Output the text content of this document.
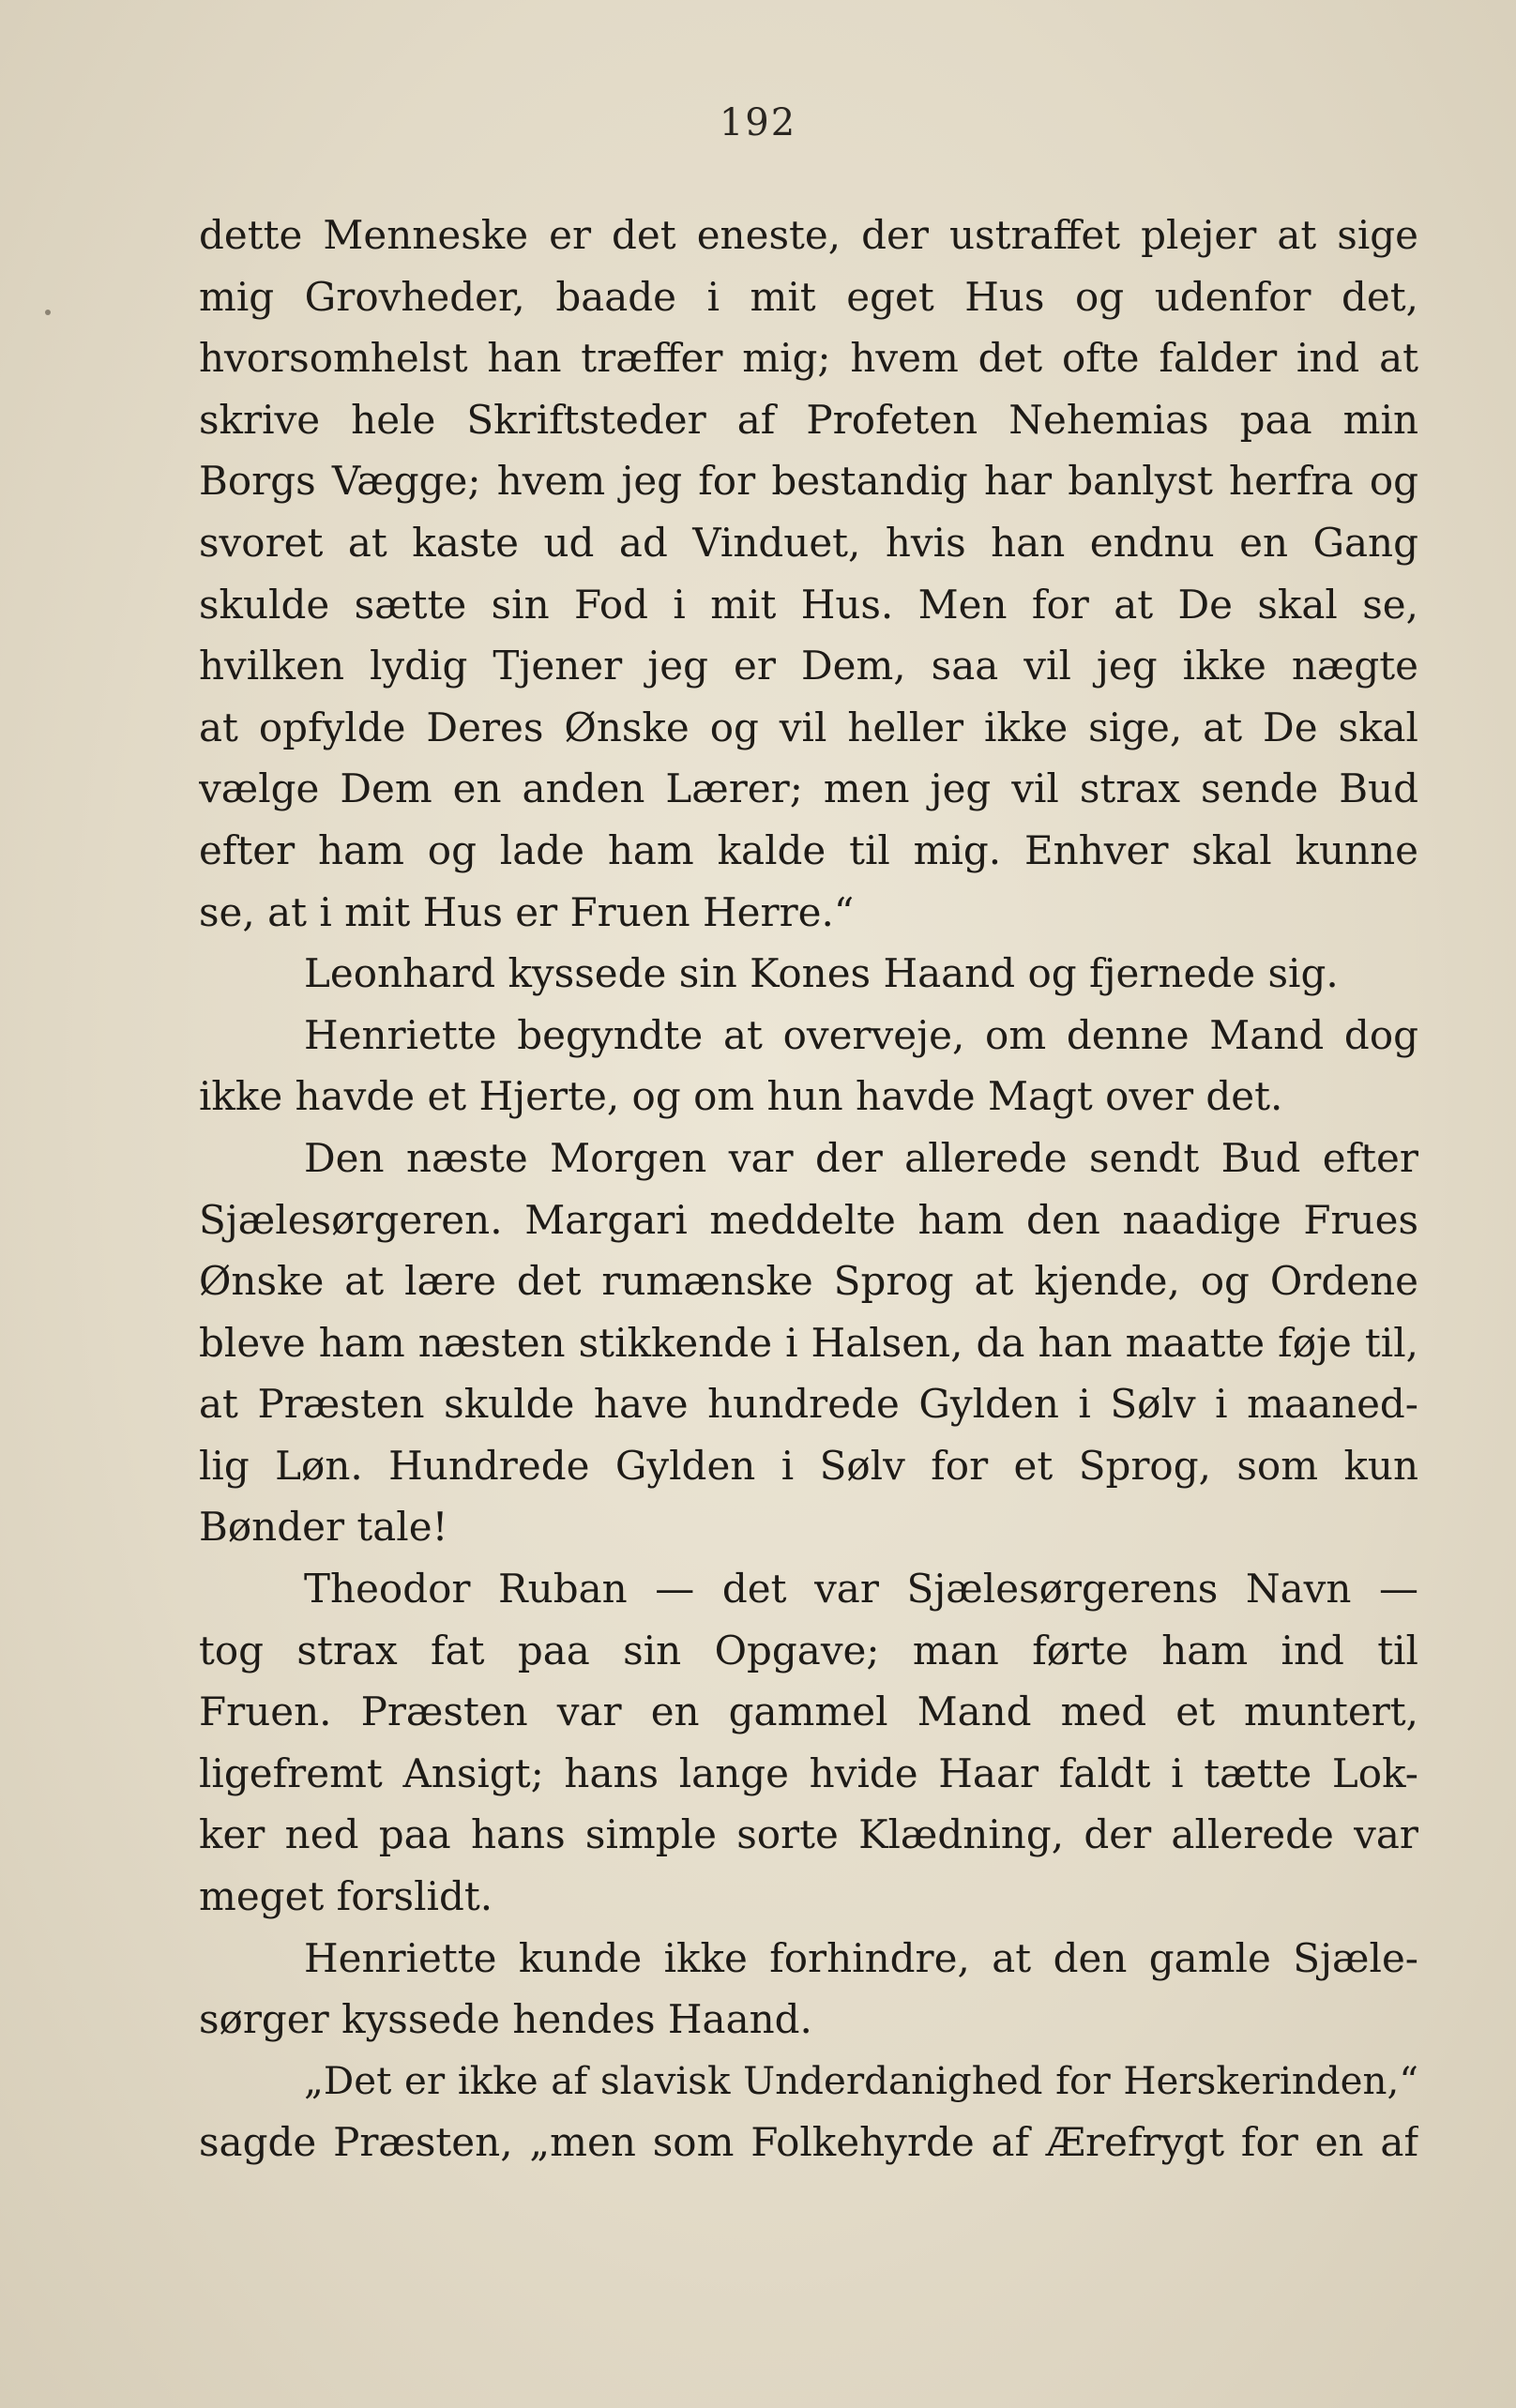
192
dette Menneske er det eneste, der ustraffet plejer at sige
mig Grovheder, baade i mit eget Hus og udenfor det,
hvorsomhelst han træffer mig; hvem det ofte falder ind at
skrive hele Skriftsteder af Profeten Nehemias paa min
Borgs Vægge; hvem jeg for bestandig har banlyst herfra og
svoret at kaste ud ad Vinduet, hvis han endnu en Gang
skulde sætte sin Fod i mit Hus. Men for at De skal se,
hvilken lydig Tjener jeg er Dem, saa vil jeg ikke nægte
at opfylde Deres Ønske og vil heller ikke sige, at De skal
vælge Dem en anden Lærer; men jeg vil strax sende Bud
efter ham og lade ham kalde til mig. Enhver skal kunne
se, at i mit Hus er Fruen Herre.“
Leonhard kyssede sin Kones Haand og fjernede sig.
Henriette begyndte at overveje, om denne Mand dog
ikke havde et Hjerte, og om hun havde Magt over det.
Den næste Morgen var der allerede sendt Bud efter
Sjælesørgeren. Margari meddelte ham den naadige Frues
Ønske at lære det rumænske Sprog at kjende, og Ordene
bleve ham næsten stikkende i Halsen, da han maatte føje til,
at Præsten skulde have hundrede Gylden i Sølv i maaned-
lig Løn. Hundrede Gylden i Sølv for et Sprog, som kun
Bønder tale!
Theodor Ruban — det var Sjælesørgerens Navn —
tog strax fat paa sin Opgave; man førte ham ind til
Fruen. Præsten var en gammel Mand med et muntert,
ligefremt Ansigt; hans lange hvide Haar faldt i tætte Lok-
ker ned paa hans simple sorte Klædning, der allerede var
meget forslidt.
Henriette kunde ikke forhindre, at den gamle Sjæle-
sørger kyssede hendes Haand.
„Det er ikke af slavisk Underdanighed for Herskerinden,“
sagde Præsten, „men som Folkehyrde af Ærefrygt for en af
